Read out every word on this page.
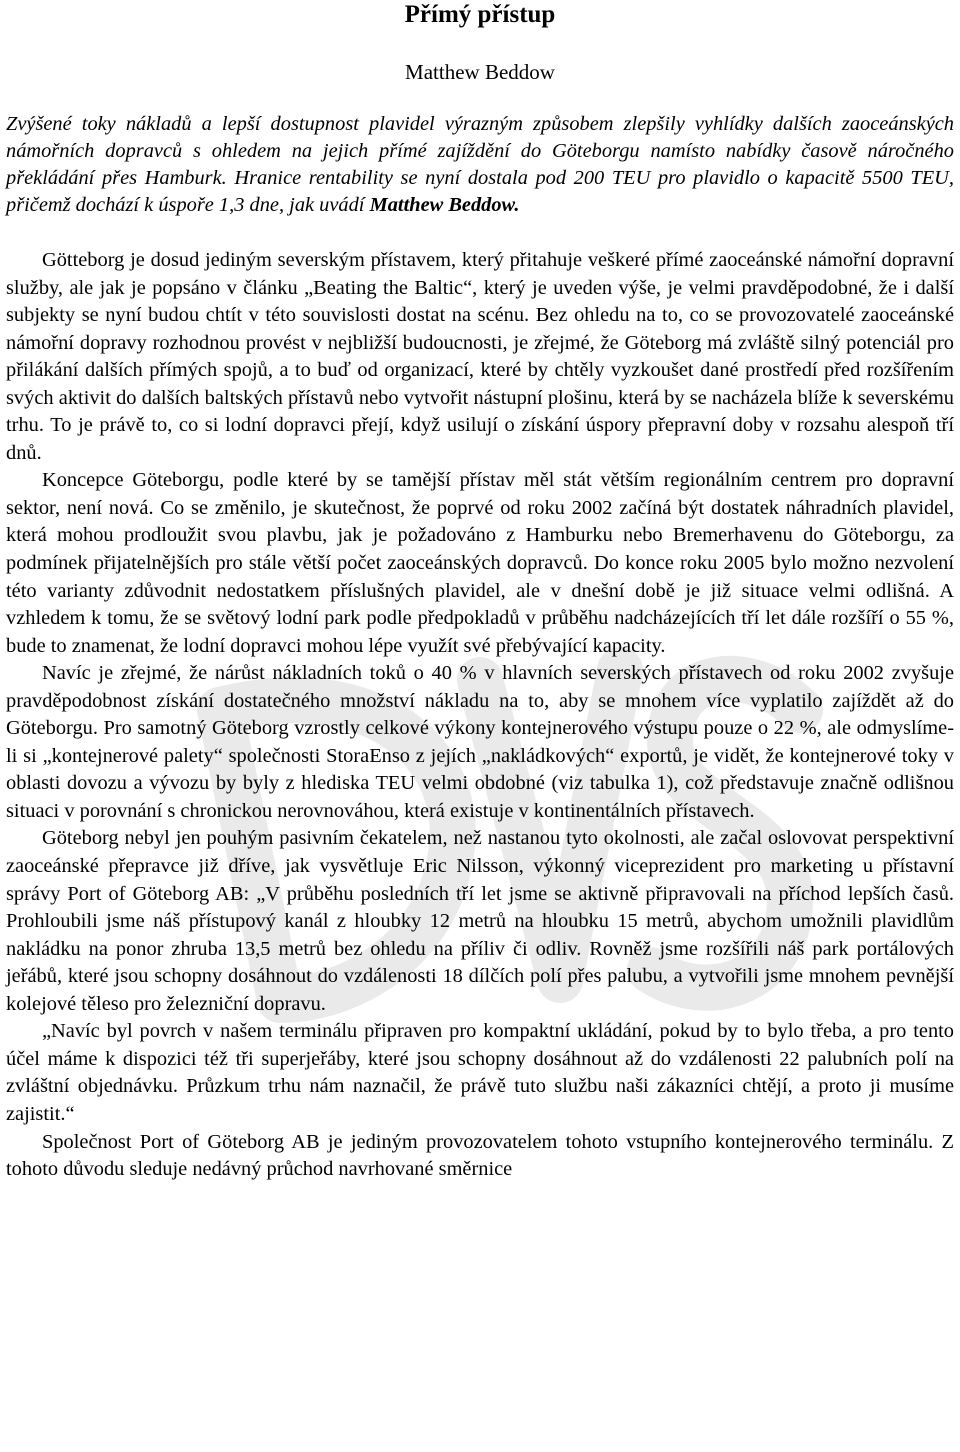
Přímý přístup
Matthew Beddow

Zvýšené toky nákladů a lepší dostupnost plavidel výrazným způsobem zlepšily vyhlídky dalších zaoceánských námořních dopravců s ohledem na jejich přímé zajíždění do Göteborgu namísto nabídky časově náročného překládání přes Hamburk. Hranice rentability se nyní dostala pod 200 TEU pro plavidlo o kapacitě 5500 TEU, přičemž dochází k úspoře 1,3 dne, jak uvádí Matthew Beddow.

Götteborg je dosud jediným severským přístavem, který přitahuje veškeré přímé zaoceánské námořní dopravní služby, ale jak je popsáno v článku „Beating the Baltic“, který je uveden výše, je velmi pravděpodobné, že i další subjekty se nyní budou chtít v této souvislosti dostat na scénu. Bez ohledu na to, co se provozovatelé zaoceánské námořní dopravy rozhodnou provést v nejbližší budoucnosti, je zřejmé, že Göteborg má zvláště silný potenciál pro přilákání dalších přímých spojů, a to buď od organizací, které by chtěly vyzkoušet dané prostředí před rozšířením svých aktivit do dalších baltských přístavů nebo vytvořit nástupní plošinu, která by se nacházela blíže k severskému trhu. To je právě to, co si lodní dopravci přejí, když usilují o získání úspory přepravní doby v rozsahu alespoň tří dnů.

Koncepce Göteborgu, podle které by se tamější přístav měl stát větším regionálním centrem pro dopravní sektor, není nová. Co se změnilo, je skutečnost, že poprvé od roku 2002 začíná být dostatek náhradních plavidel, která mohou prodloužit svou plavbu, jak je požadováno z Hamburku nebo Bremerhavenu do Göteborgu, za podmínek přijatelnějších pro stále větší počet zaoceánských dopravců. Do konce roku 2005 bylo možno nezvolení této varianty zdůvodnit nedostatkem příslušných plavidel, ale v dnešní době je již situace velmi odlišná. A vzhledem k tomu, že se světový lodní park podle předpokladů v průběhu nadcházejících tří let dále rozšíří o 55 %, bude to znamenat, že lodní dopravci mohou lépe využít své přebývající kapacity.

Navíc je zřejmé, že nárůst nákladních toků o 40 % v hlavních severských přístavech od roku 2002 zvyšuje pravděpodobnost získání dostatečného množství nákladu na to, aby se mnohem více vyplatilo zajíždět až do Göteborgu. Pro samotný Göteborg vzrostly celkové výkony kontejnerového výstupu pouze o 22 %, ale odmyslíme-li si „kontejnerové palety“ společnosti StoraEnso z jejích „nakládkových“ exportů, je vidět, že kontejnerové toky v oblasti dovozu a vývozu by byly z hlediska TEU velmi obdobné (viz tabulka 1), což představuje značně odlišnou situaci v porovnání s chronickou nerovnováhou, která existuje v kontinentálních přístavech.

Göteborg nebyl jen pouhým pasivním čekatelem, než nastanou tyto okolnosti, ale začal oslovovat perspektivní zaoceánské přepravce již dříve, jak vysvětluje Eric Nilsson, výkonný viceprezident pro marketing u přístavní správy Port of Göteborg AB: „V průběhu posledních tří let jsme se aktivně připravovali na příchod lepších časů. Prohloubili jsme náš přístupový kanál z hloubky 12 metrů na hloubku 15 metrů, abychom umožnili plavidlům nakládku na ponor zhruba 13,5 metrů bez ohledu na příliv či odliv. Rovněž jsme rozšířili náš park portálových jeřábů, které jsou schopny dosáhnout do vzdálenosti 18 dílčích polí přes palubu, a vytvořili jsme mnohem pevnější kolejové těleso pro železniční dopravu.

„Navíc byl povrch v našem terminálu připraven pro kompaktní ukládání, pokud by to bylo třeba, a pro tento účel máme k dispozici též tři superjeřáby, které jsou schopny dosáhnout až do vzdálenosti 22 palubních polí na zvláštní objednávku. Průzkum trhu nám naznačil, že právě tuto službu naši zákazníci chtějí, a proto ji musíme zajistit.“

Společnost Port of Göteborg AB je jediným provozovatelem tohoto vstupního kontejnerového terminálu. Z tohoto důvodu sleduje nedávný průchod navrhované směrnice
